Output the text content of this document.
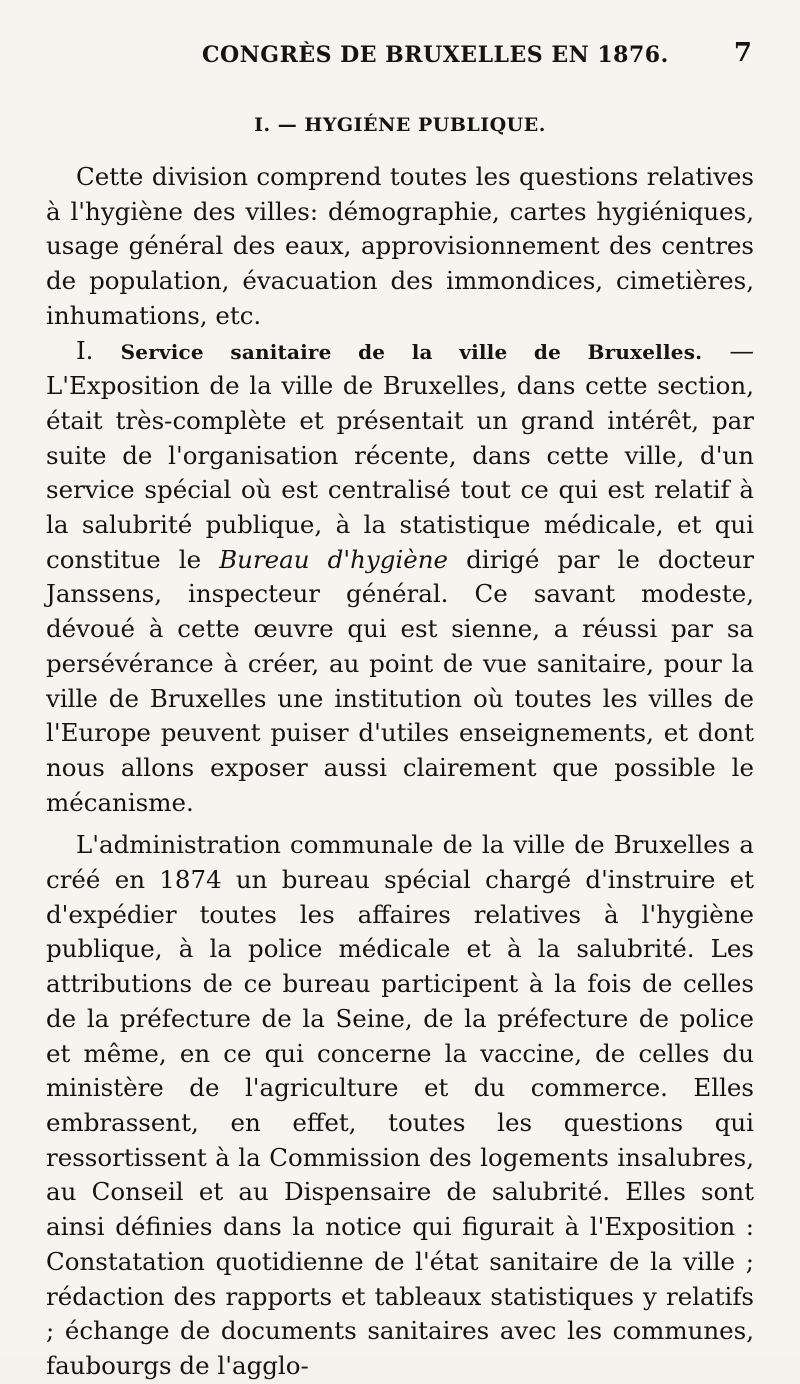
CONGRÈS DE BRUXELLES EN 1876.	7
I. — HYGIÉNE PUBLIQUE.

Cette division comprend toutes les questions relatives à l'hygiène des villes: démographie, cartes hygiéniques, usage général des eaux, approvisionnement des centres de population, évacuation des immondices, cimetières, inhumations, etc.

I. Service sanitaire de la ville de Bruxelles. — L'Exposition de la ville de Bruxelles, dans cette section, était très-complète et présentait un grand intérêt, par suite de l'organisation récente, dans cette ville, d'un service spécial où est centralisé tout ce qui est relatif à la salubrité publique, à la statistique médicale, et qui constitue le Bureau d'hygiène dirigé par le docteur Janssens, inspecteur général. Ce savant modeste, dévoué à cette œuvre qui est sienne, a réussi par sa persévérance à créer, au point de vue sanitaire, pour la ville de Bruxelles une institution où toutes les villes de l'Europe peuvent puiser d'utiles enseignements, et dont nous allons exposer aussi clairement que possible le mécanisme.

L'administration communale de la ville de Bruxelles a créé en 1874 un bureau spécial chargé d'instruire et d'expédier toutes les affaires relatives à l'hygiène publique, à la police médicale et à la salubrité. Les attributions de ce bureau participent à la fois de celles de la préfecture de la Seine, de la préfecture de police et même, en ce qui concerne la vaccine, de celles du ministère de l'agriculture et du commerce. Elles embrassent, en effet, toutes les questions qui ressortissent à la Commission des logements insalubres, au Conseil et au Dispensaire de salubrité. Elles sont ainsi définies dans la notice qui figurait à l'Exposition : Constatation quotidienne de l'état sanitaire de la ville ; rédaction des rapports et tableaux statistiques y relatifs ; échange de documents sanitaires avec les communes, faubourgs de l'agglo-
